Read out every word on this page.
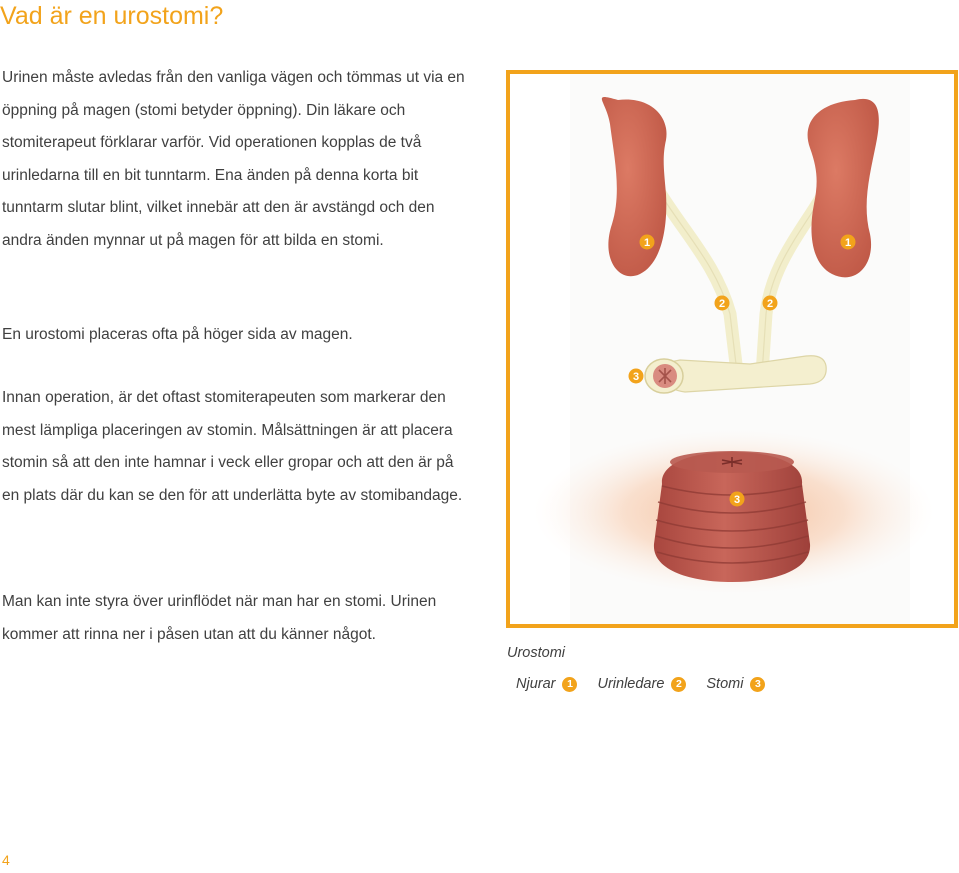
Vad är en urostomi?

Urinen måste avledas från den vanliga vägen och tömmas ut via en öppning på magen (stomi betyder öppning). Din läkare och stomiterapeut förklarar varför. Vid operationen kopplas de två urinledarna till en bit tunntarm. Ena änden på denna korta bit tunntarm slutar blint, vilket innebär att den är avstängd och den andra änden mynnar ut på magen för att bilda en stomi.

En urostomi placeras ofta på höger sida av magen.

Innan operation, är det oftast stomiterapeuten som markerar den mest lämpliga placeringen av stomin. Målsättningen är att placera stomin så att den inte hamnar i veck eller gropar och att den är på en plats där du kan se den för att underlätta byte av stomibandage.

Man kan inte styra över urinflödet när man har en stomi. Urinen kommer att rinna ner i påsen utan att du känner något.

1	1
2	2
3
3
Urostomi
Njurar	1	Urinledare	2	Stomi	3
4
